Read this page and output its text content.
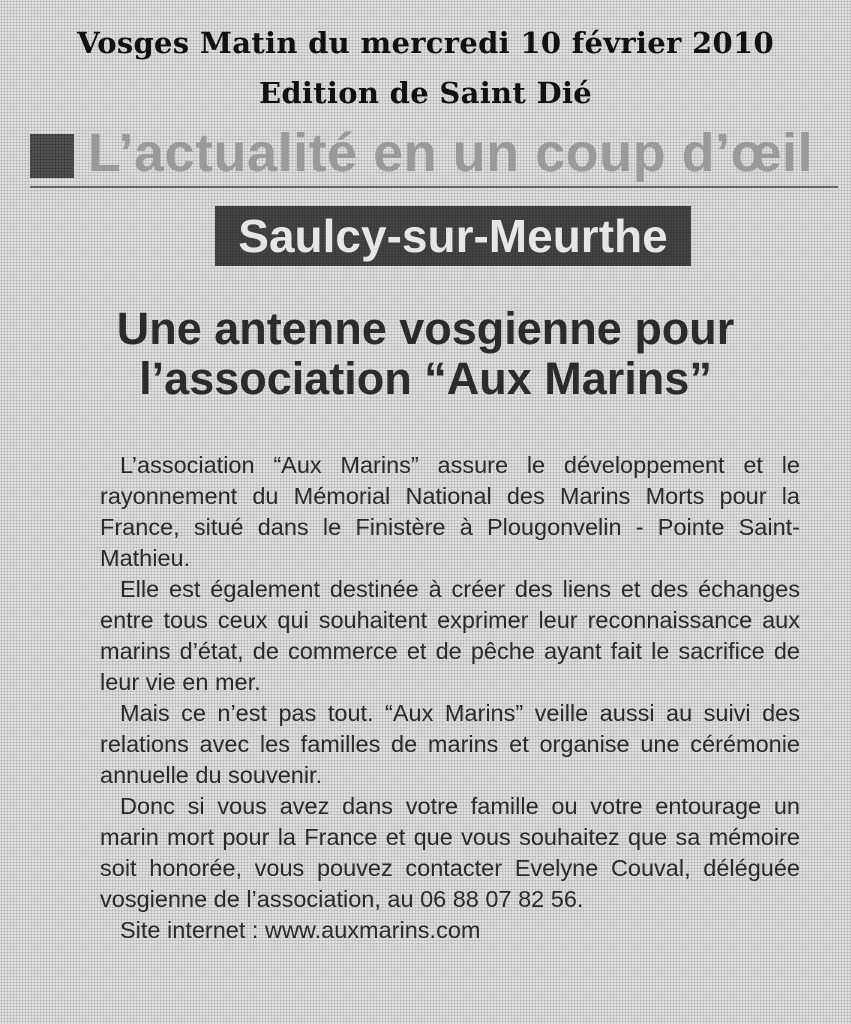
Vosges Matin du mercredi 10 février 2010
Edition de Saint Dié
L’actualité en un coup d’œil
Saulcy-sur-Meurthe
Une antenne vosgienne pour
l’association “Aux Marins”

L’association “Aux Marins” assure le développement et le rayonnement du Mémorial National des Marins Morts pour la France, situé dans le Finistère à Plougonvelin - Pointe Saint-Mathieu.

Elle est également destinée à créer des liens et des échanges entre tous ceux qui souhaitent exprimer leur reconnaissance aux marins d’état, de commerce et de pêche ayant fait le sacrifice de leur vie en mer.

Mais ce n’est pas tout. “Aux Marins” veille aussi au suivi des relations avec les familles de marins et organise une cérémonie annuelle du souvenir.

Donc si vous avez dans votre famille ou votre entourage un marin mort pour la France et que vous souhaitez que sa mémoire soit honorée, vous pouvez contacter Evelyne Couval, déléguée vosgienne de l’association, au 06 88 07 82 56.

Site internet : www.auxmarins.com
